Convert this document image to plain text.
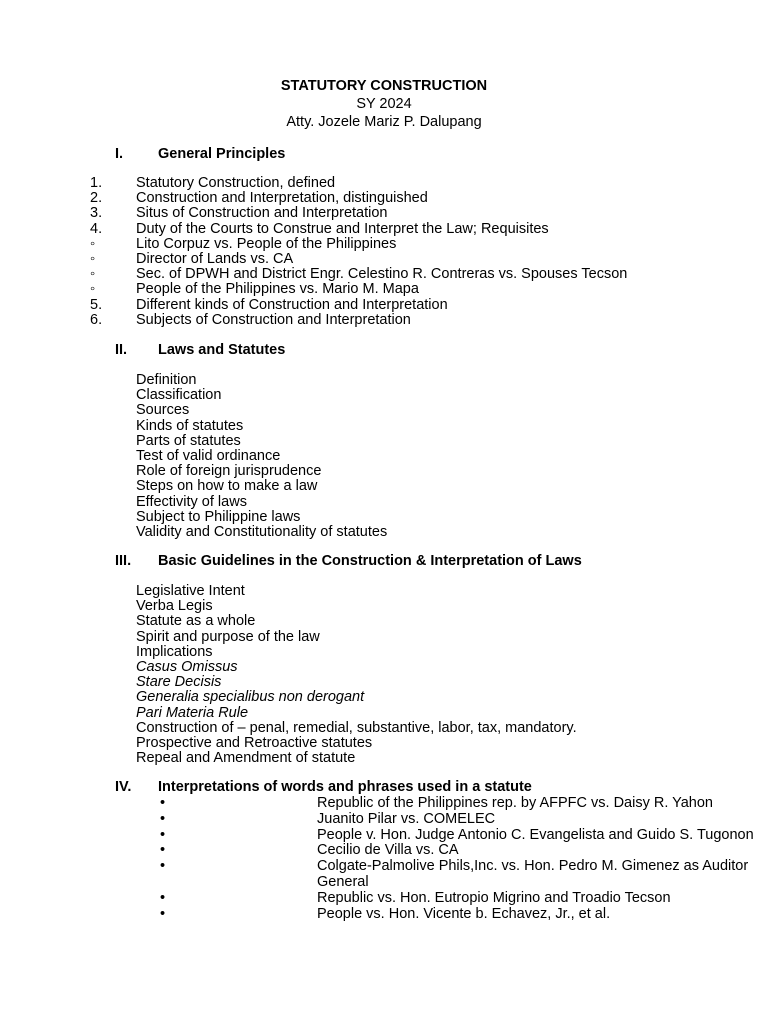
STATUTORY CONSTRUCTION
SY 2024
Atty. Jozele Mariz P. Dalupang
I. General Principles
1. Statutory Construction, defined
2. Construction and Interpretation, distinguished
3. Situs of Construction and Interpretation
4. Duty of the Courts to Construe and Interpret the Law; Requisites
◦	Lito Corpuz vs. People of the Philippines
◦	Director of Lands vs. CA
◦	Sec. of DPWH and District Engr. Celestino R. Contreras vs. Spouses Tecson
◦	People of the Philippines vs. Mario M. Mapa
5. Different kinds of Construction and Interpretation
6. Subjects of Construction and Interpretation
II. Laws and Statutes
Definition
Classification
Sources
Kinds of statutes
Parts of statutes
Test of valid ordinance
Role of foreign jurisprudence
Steps on how to make a law
Effectivity of laws
Subject to Philippine laws
Validity and Constitutionality of statutes
III. Basic Guidelines in the Construction & Interpretation of Laws
Legislative Intent
Verba Legis
Statute as a whole
Spirit and purpose of the law
Implications
Casus Omissus
Stare Decisis
Generalia specialibus non derogant
Pari Materia Rule
Construction of – penal, remedial, substantive, labor, tax, mandatory.
Prospective and Retroactive statutes
Repeal and Amendment of statute
IV. Interpretations of words and phrases used in a statute
•	Republic of the Philippines rep. by AFPFC vs. Daisy R. Yahon
•	Juanito Pilar vs. COMELEC
•	People v. Hon. Judge Antonio C. Evangelista and Guido S. Tugonon
•	Cecilio de Villa vs. CA
•	Colgate-Palmolive Phils,Inc. vs. Hon. Pedro M. Gimenez as Auditor General
•	Republic vs. Hon. Eutropio Migrino and Troadio Tecson
•	People vs. Hon. Vicente b. Echavez, Jr., et al.
